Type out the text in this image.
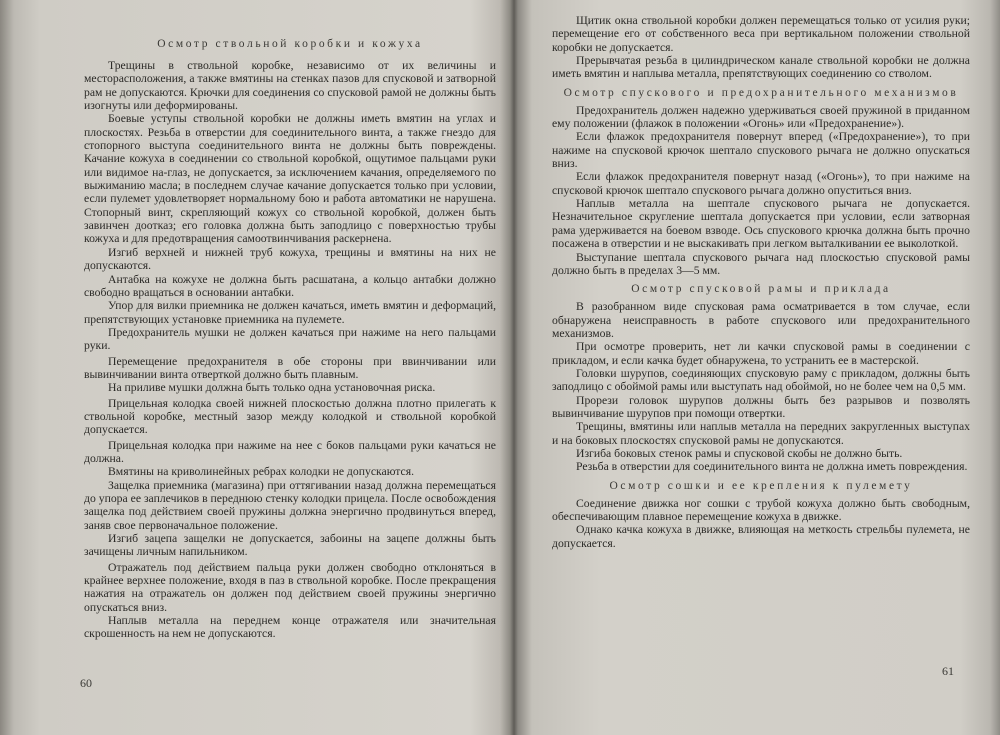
Осмотр ствольной коробки и кожуха

Трещины в ствольной коробке, независимо от их величины и месторасположения, а также вмятины на стенках пазов для спусковой и затворной рам не допускаются. Крючки для соединения со спусковой рамой не должны быть изогнуты или деформированы.

Боевые уступы ствольной коробки не должны иметь вмятин на углах и плоскостях. Резьба в отверстии для соединительного винта, а также гнездо для стопорного выступа соединительного винта не должны быть повреждены. Качание кожуха в соединении со ствольной коробкой, ощутимое пальцами руки или видимое на-глаз, не допускается, за исключением качания, определяемого по выжиманию масла; в последнем случае качание допускается только при условии, если пулемет удовлетворяет нормальному бою и работа автоматики не нарушена. Стопорный винт, скрепляющий кожух со ствольной коробкой, должен быть завинчен доотказ; его головка должна быть заподлицо с поверхностью трубы кожуха и для предотвращения самоотвинчивания раскернена.

Изгиб верхней и нижней труб кожуха, трещины и вмятины на них не допускаются.

Антабка на кожухе не должна быть расшатана, а кольцо антабки должно свободно вращаться в основании антабки.

Упор для вилки приемника не должен качаться, иметь вмятин и деформаций, препятствующих установке приемника на пулемете.

Предохранитель мушки не должен качаться при нажиме на него пальцами руки.

Перемещение предохранителя в обе стороны при ввинчивании или вывинчивании винта отверткой должно быть плавным.

На приливе мушки должна быть только одна установочная риска.

Прицельная колодка своей нижней плоскостью должна плотно прилегать к ствольной коробке, местный зазор между колодкой и ствольной коробкой допускается.

Прицельная колодка при нажиме на нее с боков пальцами руки качаться не должна.

Вмятины на криволинейных ребрах колодки не допускаются.

Защелка приемника (магазина) при оттягивании назад должна перемещаться до упора ее заплечиков в переднюю стенку колодки прицела. После освобождения защелка под действием своей пружины должна энергично продвинуться вперед, заняв свое первоначальное положение.

Изгиб зацепа защелки не допускается, забоины на зацепе должны быть зачищены личным напильником.

Отражатель под действием пальца руки должен свободно отклоняться в крайнее верхнее положение, входя в паз в ствольной коробке. После прекращения нажатия на отражатель он должен под действием своей пружины энергично опускаться вниз.

Наплыв металла на переднем конце отражателя или значительная скрошенность на нем не допускаются.

60

Щитик окна ствольной коробки должен перемещаться только от усилия руки; перемещение его от собственного веса при вертикальном положении ствольной коробки не допускается.

Прерывчатая резьба в цилиндрическом канале ствольной коробки не должна иметь вмятин и наплыва металла, препятствующих соединению со стволом.

Осмотр спускового и предохранительного механизмов

Предохранитель должен надежно удерживаться своей пружиной в приданном ему положении (флажок в положении «Огонь» или «Предохранение»).

Если флажок предохранителя повернут вперед («Предохранение»), то при нажиме на спусковой крючок шептало спускового рычага не должно опускаться вниз.

Если флажок предохранителя повернут назад («Огонь»), то при нажиме на спусковой крючок шептало спускового рычага должно опуститься вниз.

Наплыв металла на шептале спускового рычага не допускается. Незначительное скругление шептала допускается при условии, если затворная рама удерживается на боевом взводе. Ось спускового крючка должна быть прочно посажена в отверстии и не выскакивать при легком выталкивании ее выколоткой.

Выступание шептала спускового рычага над плоскостью спусковой рамы должно быть в пределах 3—5 мм.

Осмотр спусковой рамы и приклада

В разобранном виде спусковая рама осматривается в том случае, если обнаружена неисправность в работе спускового или предохранительного механизмов.

При осмотре проверить, нет ли качки спусковой рамы в соединении с прикладом, и если качка будет обнаружена, то устранить ее в мастерской.

Головки шурупов, соединяющих спусковую раму с прикладом, должны быть заподлицо с обоймой рамы или выступать над обоймой, но не более чем на 0,5 мм.

Прорези головок шурупов должны быть без разрывов и позволять вывинчивание шурупов при помощи отвертки.

Трещины, вмятины или наплыв металла на передних закругленных выступах и на боковых плоскостях спусковой рамы не допускаются.

Изгиба боковых стенок рамы и спусковой скобы не должно быть.

Резьба в отверстии для соединительного винта не должна иметь повреждения.

Осмотр сошки и ее крепления к пулемету

Соединение движка ног сошки с трубой кожуха должно быть свободным, обеспечивающим плавное перемещение кожуха в движке.

Однако качка кожуха в движке, влияющая на меткость стрельбы пулемета, не допускается.

61
